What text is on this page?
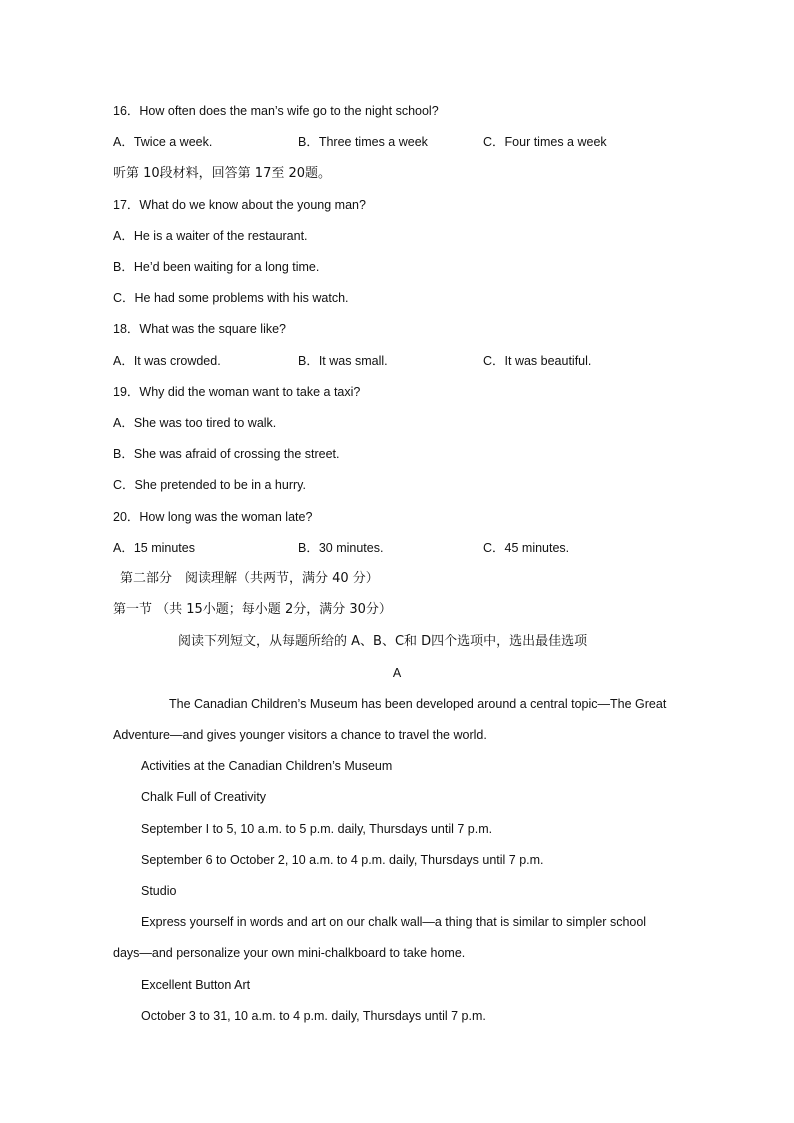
16．How often does the man’s wife go to the night school?
A．Twice a week.	B．Three times a week	C．Four times a week
听第 10段材料，回答第 17至 20题。
17．What do we know about the young man?
A．He is a waiter of the restaurant.
B．He’d been waiting for a long time.
C．He had some problems with his watch.
18．What was the square like?
A．It was crowded.	B．It was small.	C．It was beautiful.
19．Why did the woman want to take a taxi?
A．She was too tired to walk.
B．She was afraid of crossing the street.
C．She pretended to be in a hurry.
20．How long was the woman late?
A．15 minutes	B．30 minutes.	C．45 minutes.
第二部分　阅读理解（共两节，满分 40 分）
第一节 （共 15小题；每小题 2分，满分 30分）
阅读下列短文，从每题所给的 A、B、C和 D四个选项中，选出最佳选项
A
The Canadian Children’s Museum has been developed around a central topic—The Great
Adventure—and gives younger visitors a chance to travel the world.
Activities at the Canadian Children’s Museum
Chalk Full of Creativity
September I to 5, 10 a.m. to 5 p.m. daily, Thursdays until 7 p.m.
September 6 to October 2, 10 a.m. to 4 p.m. daily, Thursdays until 7 p.m.
Studio
Express yourself in words and art on our chalk wall—a thing that is similar to simpler school
days—and personalize your own mini-chalkboard to take home.
Excellent Button Art
October 3 to 31, 10 a.m. to 4 p.m. daily, Thursdays until 7 p.m.
